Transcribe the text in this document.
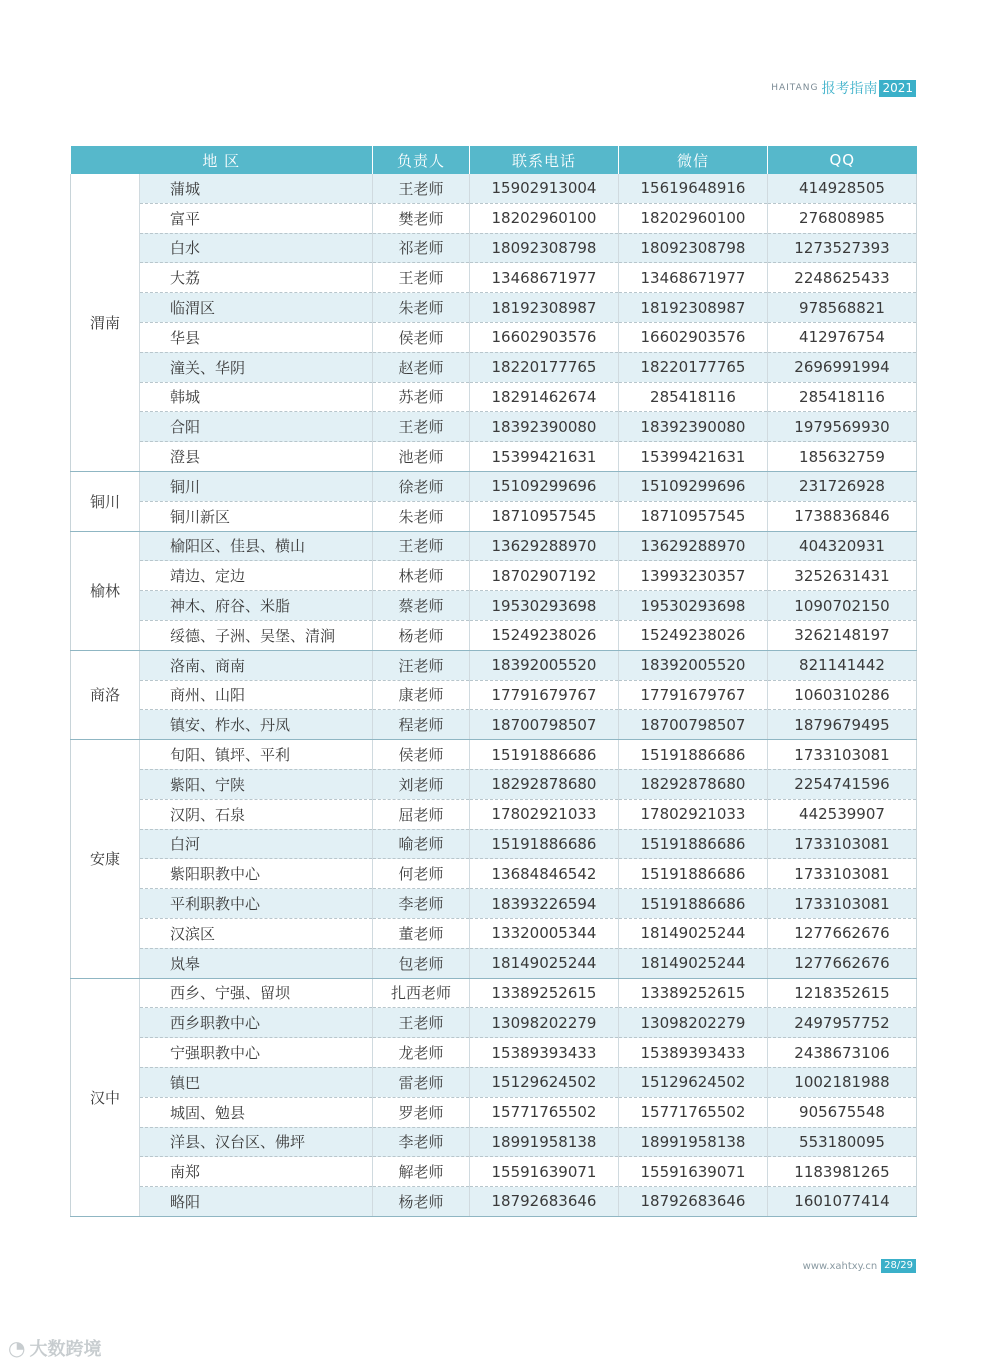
HAITANG 报考指南 2021
地 区		负责人	联系电话	微信	QQ
渭南	蒲城	王老师	15902913004	15619648916	414928505
	富平	樊老师	18202960100	18202960100	276808985
	白水	祁老师	18092308798	18092308798	1273527393
	大荔	王老师	13468671977	13468671977	2248625433
	临渭区	朱老师	18192308987	18192308987	978568821
	华县	侯老师	16602903576	16602903576	412976754
	潼关、华阴	赵老师	18220177765	18220177765	2696991994
	韩城	苏老师	18291462674	285418116	285418116
	合阳	王老师	18392390080	18392390080	1979569930
	澄县	池老师	15399421631	15399421631	185632759
铜川	铜川	徐老师	15109299696	15109299696	231726928
	铜川新区	朱老师	18710957545	18710957545	1738836846
榆林	榆阳区、佳县、横山	王老师	13629288970	13629288970	404320931
	靖边、定边	林老师	18702907192	13993230357	3252631431
	神木、府谷、米脂	蔡老师	19530293698	19530293698	1090702150
	绥德、子洲、吴堡、清涧	杨老师	15249238026	15249238026	3262148197
商洛	洛南、商南	汪老师	18392005520	18392005520	821141442
	商州、山阳	康老师	17791679767	17791679767	1060310286
	镇安、柞水、丹凤	程老师	18700798507	18700798507	1879679495
安康	旬阳、镇坪、平利	侯老师	15191886686	15191886686	1733103081
	紫阳、宁陕	刘老师	18292878680	18292878680	2254741596
	汉阴、石泉	屈老师	17802921033	17802921033	442539907
	白河	喻老师	15191886686	15191886686	1733103081
	紫阳职教中心	何老师	13684846542	15191886686	1733103081
	平利职教中心	李老师	18393226594	15191886686	1733103081
	汉滨区	董老师	13320005344	18149025244	1277662676
	岚皋	包老师	18149025244	18149025244	1277662676
汉中	西乡、宁强、留坝	扎西老师	13389252615	13389252615	1218352615
	西乡职教中心	王老师	13098202279	13098202279	2497957752
	宁强职教中心	龙老师	15389393433	15389393433	2438673106
	镇巴	雷老师	15129624502	15129624502	1002181988
	城固、勉县	罗老师	15771765502	15771765502	905675548
	洋县、汉台区、佛坪	李老师	18991958138	18991958138	553180095
	南郑	解老师	15591639071	15591639071	1183981265
	略阳	杨老师	18792683646	18792683646	1601077414
www.xahtxy.cn 28/29
◔ 大数跨境
